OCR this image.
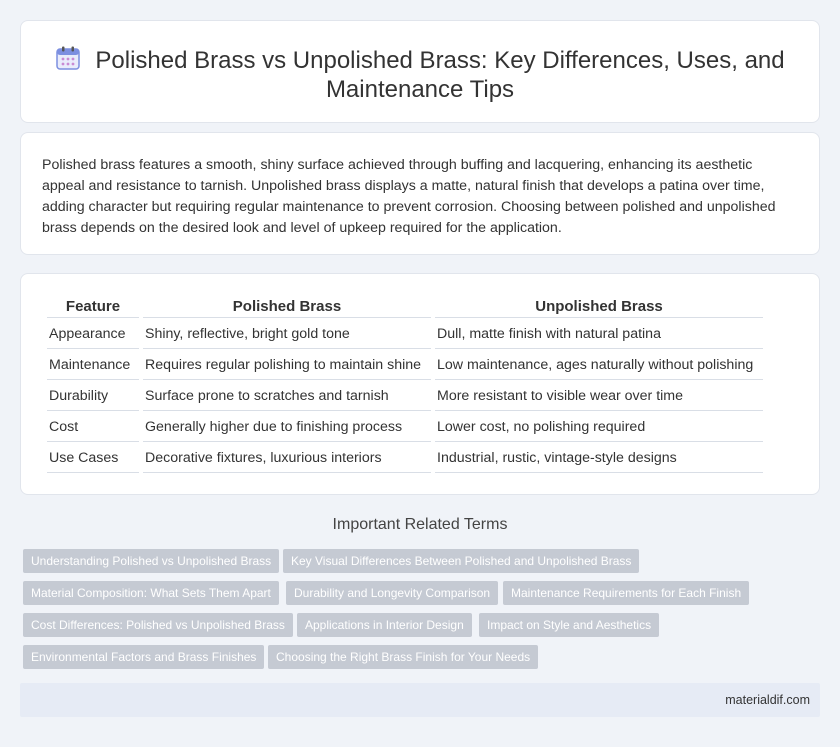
Polished Brass vs Unpolished Brass: Key Differences, Uses, and
Maintenance Tips

Polished brass features a smooth, shiny surface achieved through buffing and lacquering, enhancing its aesthetic appeal and resistance to tarnish. Unpolished brass displays a matte, natural finish that develops a patina over time, adding character but requiring regular maintenance to prevent corrosion. Choosing between polished and unpolished brass depends on the desired look and level of upkeep required for the application.

Feature	Polished Brass	Unpolished Brass
Appearance	Shiny, reflective, bright gold tone	Dull, matte finish with natural patina
Maintenance	Requires regular polishing to maintain shine	Low maintenance, ages naturally without polishing
Durability	Surface prone to scratches and tarnish	More resistant to visible wear over time
Cost	Generally higher due to finishing process	Lower cost, no polishing required
Use Cases	Decorative fixtures, luxurious interiors	Industrial, rustic, vintage-style designs
Important Related Terms
Understanding Polished vs Unpolished Brass	Key Visual Differences Between Polished and Unpolished Brass
Material Composition: What Sets Them Apart	Durability and Longevity Comparison	Maintenance Requirements for Each Finish
Cost Differences: Polished vs Unpolished Brass	Applications in Interior Design	Impact on Style and Aesthetics
Environmental Factors and Brass Finishes	Choosing the Right Brass Finish for Your Needs
materialdif.com
